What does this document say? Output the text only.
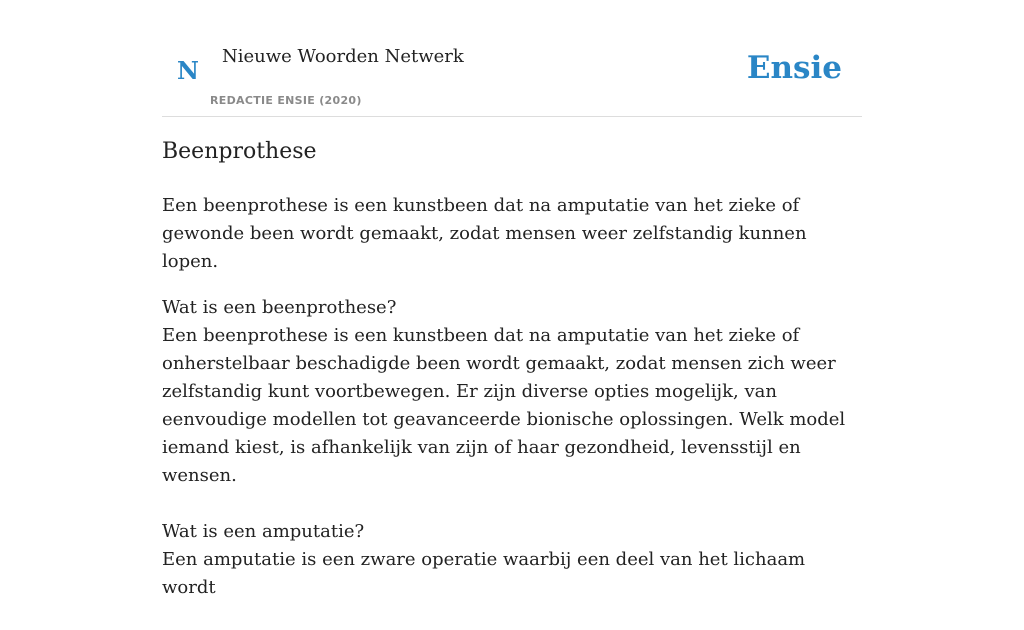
N Nieuwe Woorden Netwerk
REDACTIE ENSIE (2020)
Ensie
Beenprothese

Een beenprothese is een kunstbeen dat na amputatie van het zieke of gewonde been wordt gemaakt, zodat mensen weer zelfstandig kunnen lopen.

Wat is een beenprothese?

Een beenprothese is een kunstbeen dat na amputatie van het zieke of onherstelbaar beschadigde been wordt gemaakt, zodat mensen zich weer zelfstandig kunt voortbewegen. Er zijn diverse opties mogelijk, van eenvoudige modellen tot geavanceerde bionische oplossingen. Welk model iemand kiest, is afhankelijk van zijn of haar gezondheid, levensstijl en wensen.

Wat is een amputatie?

Een amputatie is een zware operatie waarbij een deel van het lichaam wordt
